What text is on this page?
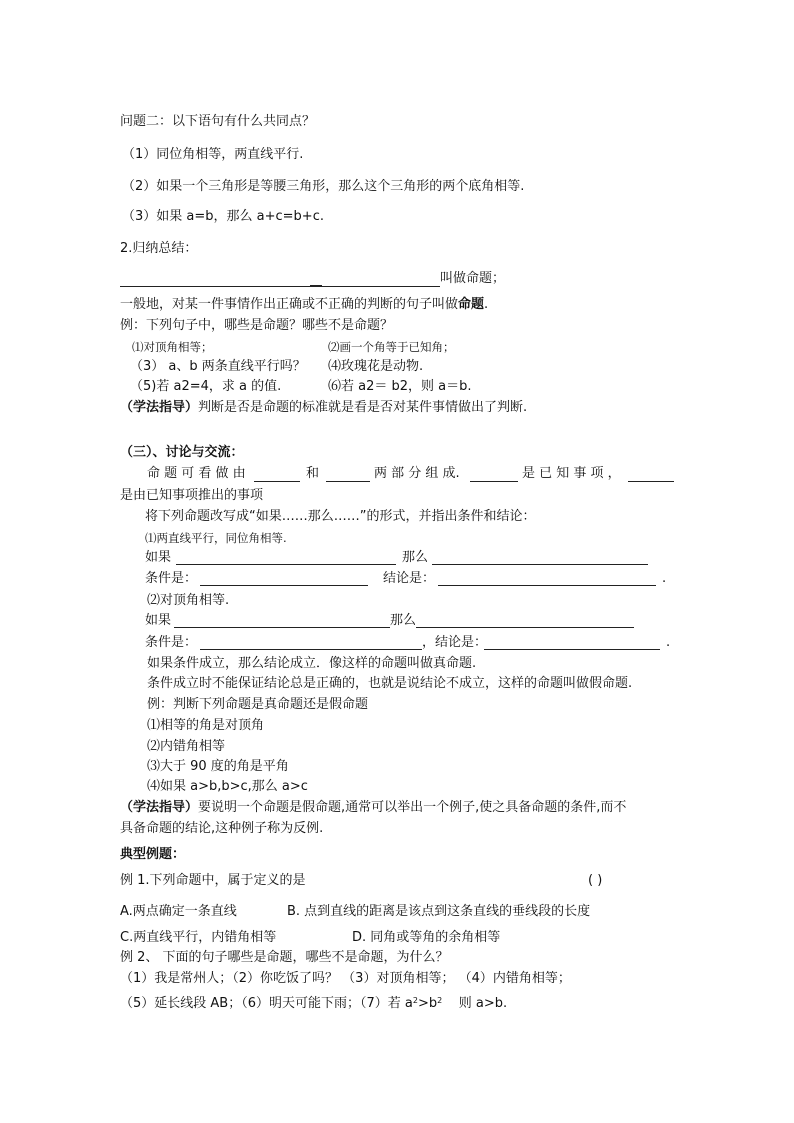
问题二：以下语句有什么共同点？
（1）同位角相等，两直线平行.
（2）如果一个三角形是等腰三角形，那么这个三角形的两个底角相等.
（3）如果 a=b，那么 a+c=b+c.
2.归纳总结：
叫做命题；
一般地，对某一件事情作出正确或不正确的判断的句子叫做命题.
例：下列句子中，哪些是命题？哪些不是命题？
⑴对顶角相等；	⑵画一个角等于已知角；
（3） a、b 两条直线平行吗？ ⑷玫瑰花是动物.
（5)若 a2=4，求 a 的值.	⑹若 a2＝ b2，则 a＝b.
（学法指导）判断是否是命题的标准就是看是否对某件事情做出了判断.
（三）、讨论与交流：
命 题 可 看 做 由	和	两 部 分 组 成.	是 已 知 事 项 ，
是由已知事项推出的事项
将下列命题改写成“如果……那么……”的形式，并指出条件和结论：
⑴两直线平行，同位角相等.
如果	那么
条件是：	结论是：	.
⑵对顶角相等.
如果	那么
条件是：	，结论是：	.
如果条件成立，那么结论成立．像这样的命题叫做真命题.
条件成立时不能保证结论总是正确的，也就是说结论不成立，这样的命题叫做假命题.
例：判断下列命题是真命题还是假命题
⑴相等的角是对顶角
⑵内错角相等
⑶大于 90 度的角是平角
⑷如果 a>b,b>c,那么 a>c
（学法指导）要说明一个命题是假命题,通常可以举出一个例子,使之具备命题的条件,而不
具备命题的结论,这种例子称为反例.
典型例题：
例 1.下列命题中，属于定义的是	( )
A.两点确定一条直线	B. 点到直线的距离是该点到这条直线的垂线段的长度
C.两直线平行，内错角相等	D. 同角或等角的余角相等
例 2、 下面的句子哪些是命题，哪些不是命题，为什么？
（1）我是常州人；（2）你吃饭了吗？ （3）对顶角相等； （4）内错角相等；
（5）延长线段 AB；（6）明天可能下雨；（7）若 $a^2>b^2$    则 a>b.
